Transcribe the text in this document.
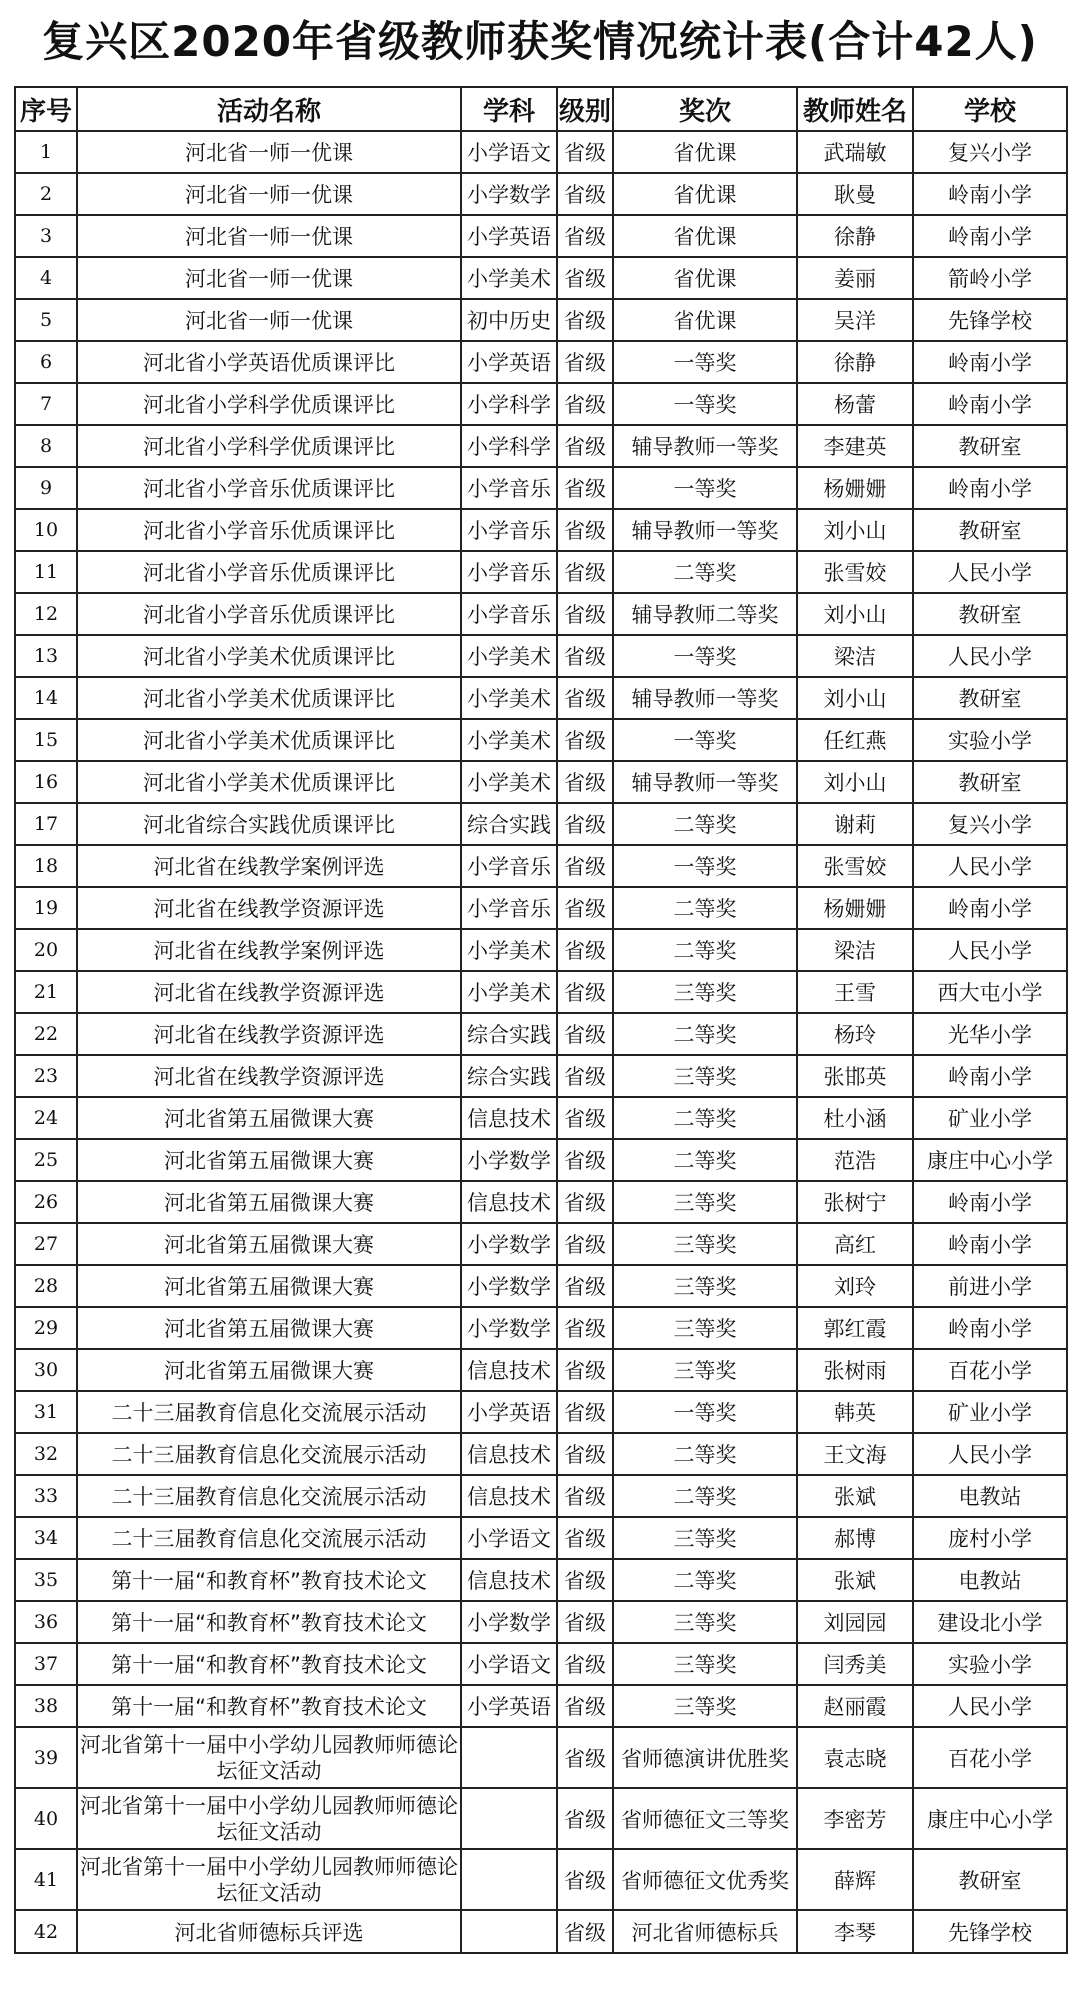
复兴区2020年省级教师获奖情况统计表(合计42人)
序号	活动名称	学科	级别	奖次	教师姓名	学校
1	河北省一师一优课	小学语文	省级	省优课	武瑞敏	复兴小学
2	河北省一师一优课	小学数学	省级	省优课	耿曼	岭南小学
3	河北省一师一优课	小学英语	省级	省优课	徐静	岭南小学
4	河北省一师一优课	小学美术	省级	省优课	姜丽	箭岭小学
5	河北省一师一优课	初中历史	省级	省优课	吴洋	先锋学校
6	河北省小学英语优质课评比	小学英语	省级	一等奖	徐静	岭南小学
7	河北省小学科学优质课评比	小学科学	省级	一等奖	杨蕾	岭南小学
8	河北省小学科学优质课评比	小学科学	省级	辅导教师一等奖	李建英	教研室
9	河北省小学音乐优质课评比	小学音乐	省级	一等奖	杨姗姗	岭南小学
10	河北省小学音乐优质课评比	小学音乐	省级	辅导教师一等奖	刘小山	教研室
11	河北省小学音乐优质课评比	小学音乐	省级	二等奖	张雪姣	人民小学
12	河北省小学音乐优质课评比	小学音乐	省级	辅导教师二等奖	刘小山	教研室
13	河北省小学美术优质课评比	小学美术	省级	一等奖	梁洁	人民小学
14	河北省小学美术优质课评比	小学美术	省级	辅导教师一等奖	刘小山	教研室
15	河北省小学美术优质课评比	小学美术	省级	一等奖	任红燕	实验小学
16	河北省小学美术优质课评比	小学美术	省级	辅导教师一等奖	刘小山	教研室
17	河北省综合实践优质课评比	综合实践	省级	二等奖	谢莉	复兴小学
18	河北省在线教学案例评选	小学音乐	省级	一等奖	张雪姣	人民小学
19	河北省在线教学资源评选	小学音乐	省级	二等奖	杨姗姗	岭南小学
20	河北省在线教学案例评选	小学美术	省级	二等奖	梁洁	人民小学
21	河北省在线教学资源评选	小学美术	省级	三等奖	王雪	西大屯小学
22	河北省在线教学资源评选	综合实践	省级	二等奖	杨玲	光华小学
23	河北省在线教学资源评选	综合实践	省级	三等奖	张邯英	岭南小学
24	河北省第五届微课大赛	信息技术	省级	二等奖	杜小涵	矿业小学
25	河北省第五届微课大赛	小学数学	省级	二等奖	范浩	康庄中心小学
26	河北省第五届微课大赛	信息技术	省级	三等奖	张树宁	岭南小学
27	河北省第五届微课大赛	小学数学	省级	三等奖	高红	岭南小学
28	河北省第五届微课大赛	小学数学	省级	三等奖	刘玲	前进小学
29	河北省第五届微课大赛	小学数学	省级	三等奖	郭红霞	岭南小学
30	河北省第五届微课大赛	信息技术	省级	三等奖	张树雨	百花小学
31	二十三届教育信息化交流展示活动	小学英语	省级	一等奖	韩英	矿业小学
32	二十三届教育信息化交流展示活动	信息技术	省级	二等奖	王文海	人民小学
33	二十三届教育信息化交流展示活动	信息技术	省级	二等奖	张斌	电教站
34	二十三届教育信息化交流展示活动	小学语文	省级	三等奖	郝博	庞村小学
35	第十一届“和教育杯”教育技术论文	信息技术	省级	二等奖	张斌	电教站
36	第十一届“和教育杯”教育技术论文	小学数学	省级	三等奖	刘园园	建设北小学
37	第十一届“和教育杯”教育技术论文	小学语文	省级	三等奖	闫秀美	实验小学
38	第十一届“和教育杯”教育技术论文	小学英语	省级	三等奖	赵丽霞	人民小学
39	河北省第十一届中小学幼儿园教师师德论坛征文活动		省级	省师德演讲优胜奖	袁志晓	百花小学
40	河北省第十一届中小学幼儿园教师师德论坛征文活动		省级	省师德征文三等奖	李密芳	康庄中心小学
41	河北省第十一届中小学幼儿园教师师德论坛征文活动		省级	省师德征文优秀奖	薛辉	教研室
42	河北省师德标兵评选		省级	河北省师德标兵	李琴	先锋学校
